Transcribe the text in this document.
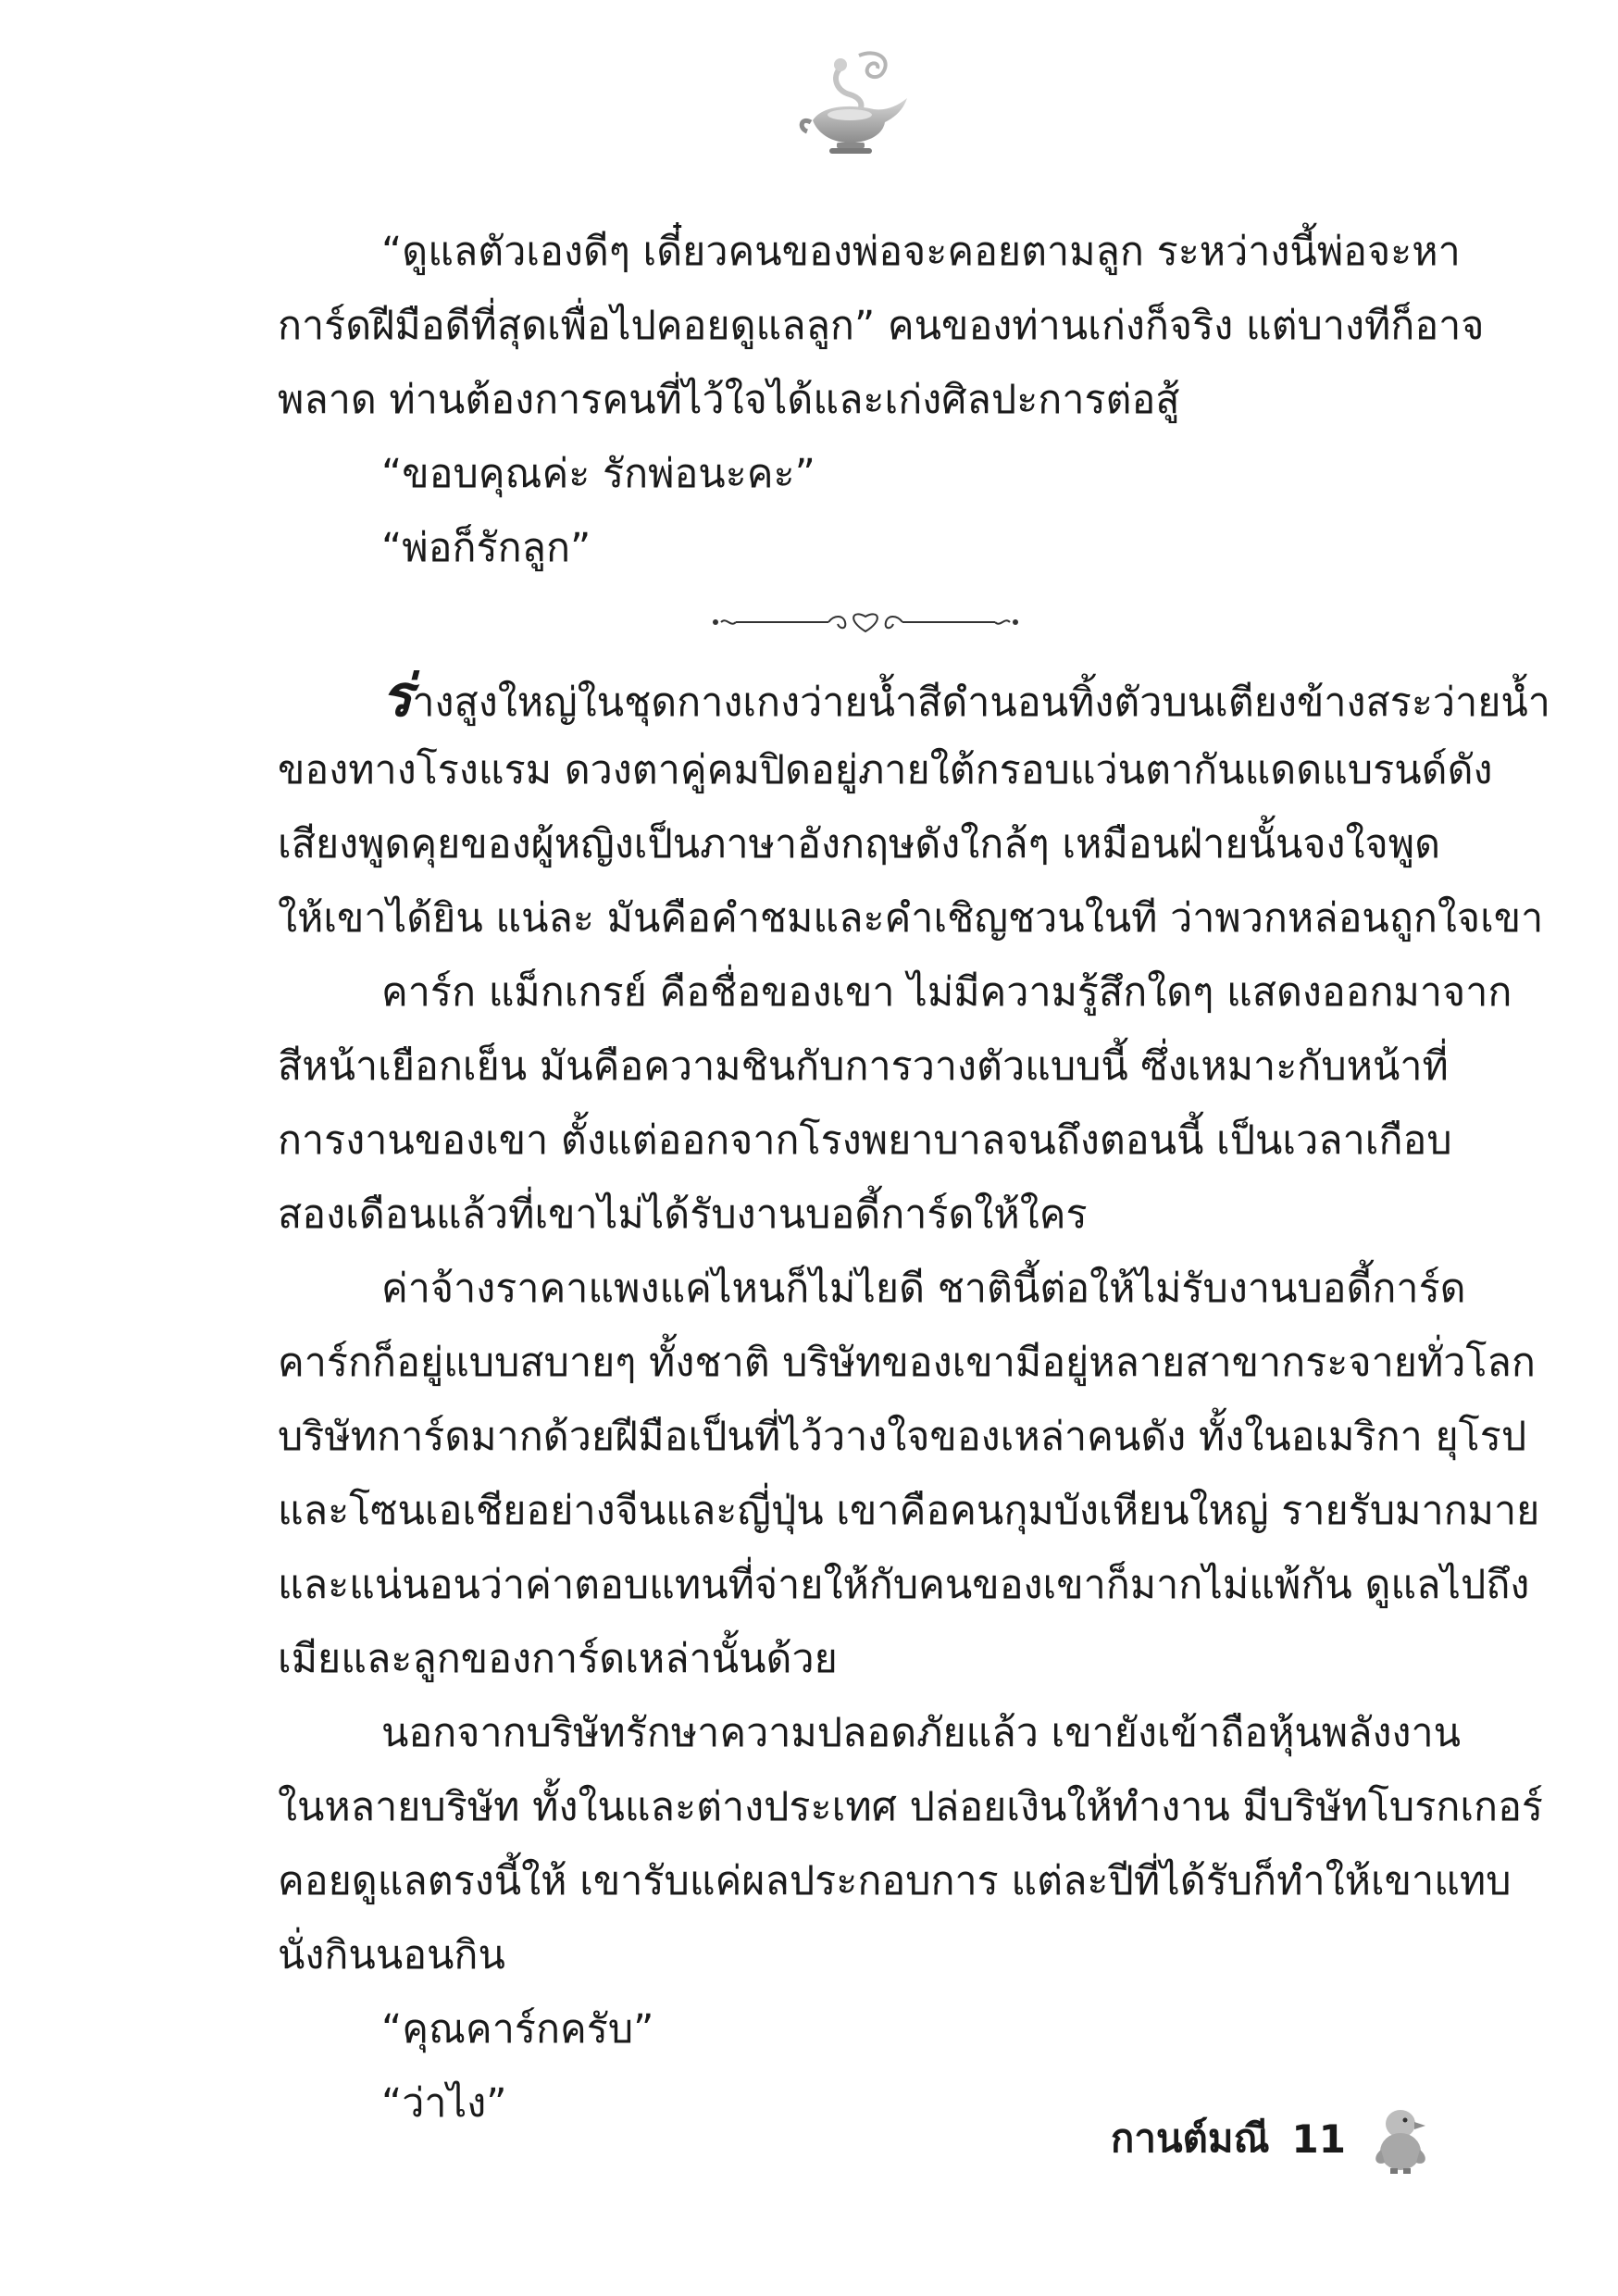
“ดูแลตัวเองดีๆ เดี๋ยวคนของพ่อจะคอยตามลูก ระหว่างนี้พ่อจะหา
การ์ดฝีมือดีที่สุดเพื่อไปคอยดูแลลูก” คนของท่านเก่งก็จริง แต่บางทีก็อาจ
พลาด ท่านต้องการคนที่ไว้ใจได้และเก่งศิลปะการต่อสู้
“ขอบคุณค่ะ รักพ่อนะคะ”
“พ่อก็รักลูก”
ร่างสูงใหญ่ในชุดกางเกงว่ายน้ำสีดำนอนทิ้งตัวบนเตียงข้างสระว่ายน้ำ
ของทางโรงแรม ดวงตาคู่คมปิดอยู่ภายใต้กรอบแว่นตากันแดดแบรนด์ดัง
เสียงพูดคุยของผู้หญิงเป็นภาษาอังกฤษดังใกล้ๆ เหมือนฝ่ายนั้นจงใจพูด
ให้เขาได้ยิน แน่ละ มันคือคำชมและคำเชิญชวนในที ว่าพวกหล่อนถูกใจเขา
คาร์ก แม็กเกรย์ คือชื่อของเขา ไม่มีความรู้สึกใดๆ แสดงออกมาจาก
สีหน้าเยือกเย็น มันคือความชินกับการวางตัวแบบนี้ ซึ่งเหมาะกับหน้าที่
การงานของเขา ตั้งแต่ออกจากโรงพยาบาลจนถึงตอนนี้ เป็นเวลาเกือบ
สองเดือนแล้วที่เขาไม่ได้รับงานบอดี้การ์ดให้ใคร
ค่าจ้างราคาแพงแค่ไหนก็ไม่ไยดี ชาตินี้ต่อให้ไม่รับงานบอดี้การ์ด
คาร์กก็อยู่แบบสบายๆ ทั้งชาติ บริษัทของเขามีอยู่หลายสาขากระจายทั่วโลก
บริษัทการ์ดมากด้วยฝีมือเป็นที่ไว้วางใจของเหล่าคนดัง ทั้งในอเมริกา ยุโรป
และโซนเอเชียอย่างจีนและญี่ปุ่น เขาคือคนกุมบังเหียนใหญ่ รายรับมากมาย
และแน่นอนว่าค่าตอบแทนที่จ่ายให้กับคนของเขาก็มากไม่แพ้กัน ดูแลไปถึง
เมียและลูกของการ์ดเหล่านั้นด้วย
นอกจากบริษัทรักษาความปลอดภัยแล้ว เขายังเข้าถือหุ้นพลังงาน
ในหลายบริษัท ทั้งในและต่างประเทศ ปล่อยเงินให้ทำงาน มีบริษัทโบรกเกอร์
คอยดูแลตรงนี้ให้ เขารับแค่ผลประกอบการ แต่ละปีที่ได้รับก็ทำให้เขาแทบ
นั่งกินนอนกิน
“คุณคาร์กครับ”
“ว่าไง”
กานต์มณี 11
